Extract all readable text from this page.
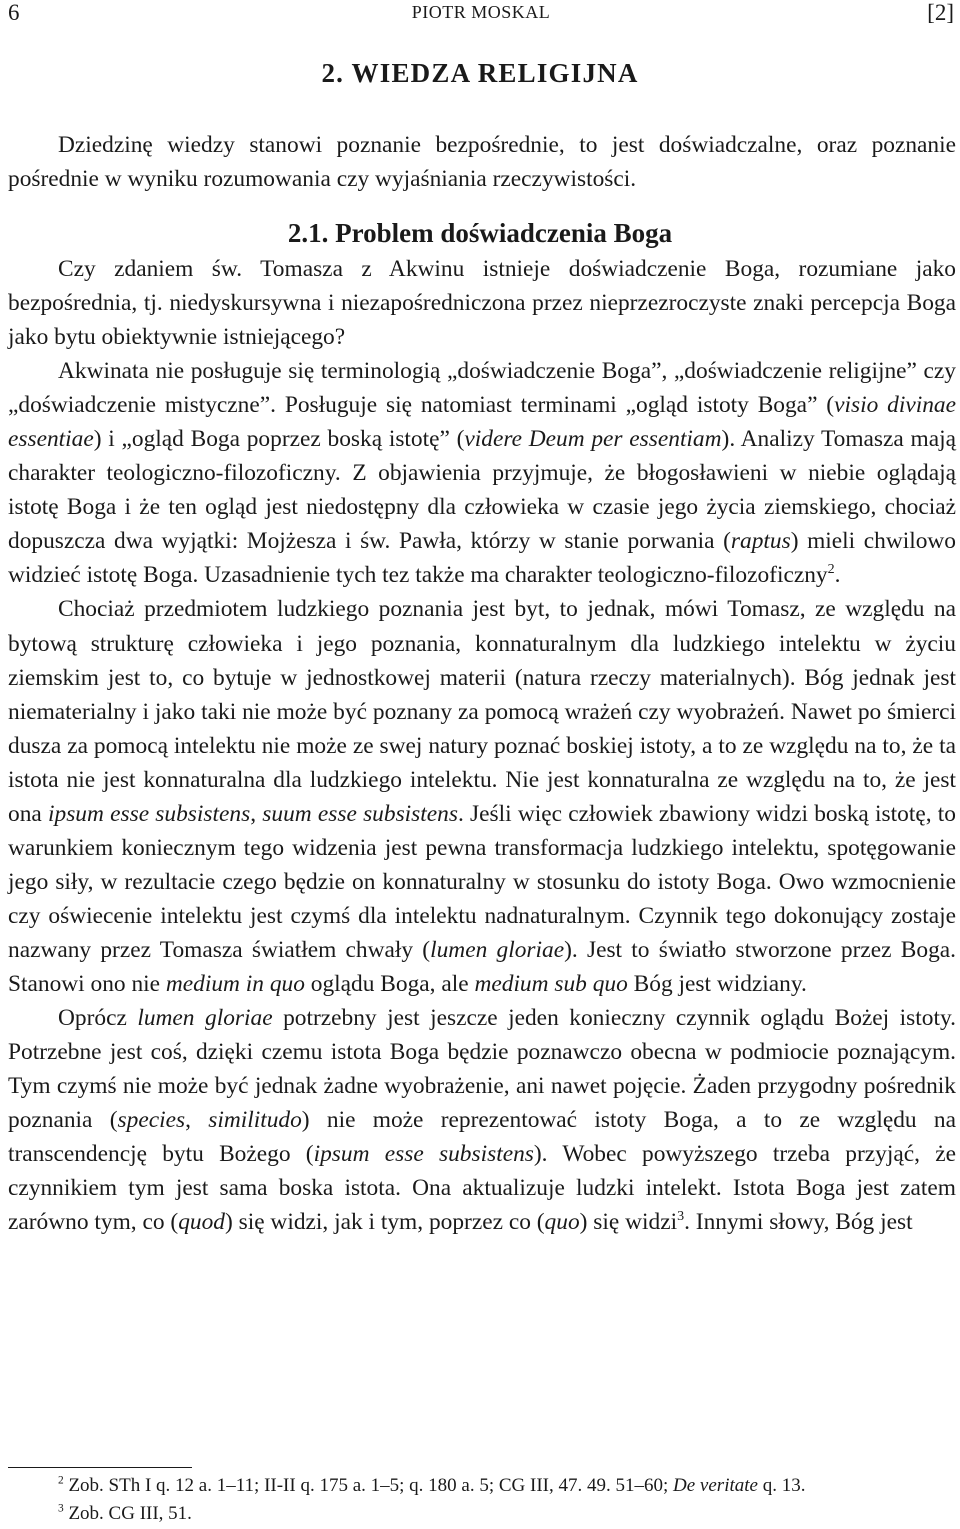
6	PIOTR MOSKAL	[2]
2. WIEDZA RELIGIJNA

Dziedzinę wiedzy stanowi poznanie bezpośrednie, to jest doświadczalne, oraz poznanie pośrednie w wyniku rozumowania czy wyjaśniania rzeczywistości.

2.1. Problem doświadczenia Boga

Czy zdaniem św. Tomasza z Akwinu istnieje doświadczenie Boga, rozumiane jako bezpośrednia, tj. niedyskursywna i niezapośredniczona przez nieprzezroczyste znaki percepcja Boga jako bytu obiektywnie istniejącego?

Akwinata nie posługuje się terminologią „doświadczenie Boga”, „doświadczenie religijne” czy „doświadczenie mistyczne”. Posługuje się natomiast terminami „ogląd istoty Boga” (visio divinae essentiae) i „ogląd Boga poprzez boską istotę” (videre Deum per essentiam). Analizy Tomasza mają charakter teologiczno-filozoficzny. Z objawienia przyjmuje, że błogosławieni w niebie oglądają istotę Boga i że ten ogląd jest niedostępny dla człowieka w czasie jego życia ziemskiego, chociaż dopuszcza dwa wyjątki: Mojżesza i św. Pawła, którzy w stanie porwania (raptus) mieli chwilowo widzieć istotę Boga. Uzasadnienie tych tez także ma charakter teologiczno-filozoficzny$^2$.

Chociaż przedmiotem ludzkiego poznania jest byt, to jednak, mówi Tomasz, ze względu na bytową strukturę człowieka i jego poznania, konnaturalnym dla ludzkiego intelektu w życiu ziemskim jest to, co bytuje w jednostkowej materii (natura rzeczy materialnych). Bóg jednak jest niematerialny i jako taki nie może być poznany za pomocą wrażeń czy wyobrażeń. Nawet po śmierci dusza za pomocą intelektu nie może ze swej natury poznać boskiej istoty, a to ze względu na to, że ta istota nie jest konnaturalna dla ludzkiego intelektu. Nie jest konnaturalna ze względu na to, że jest ona ipsum esse subsistens, suum esse subsistens. Jeśli więc człowiek zbawiony widzi boską istotę, to warunkiem koniecznym tego widzenia jest pewna transformacja ludzkiego intelektu, spotęgowanie jego siły, w rezultacie czego będzie on konnaturalny w stosunku do istoty Boga. Owo wzmocnienie czy oświecenie intelektu jest czymś dla intelektu nadnaturalnym. Czynnik tego dokonujący zostaje nazwany przez Tomasza światłem chwały (lumen gloriae). Jest to światło stworzone przez Boga. Stanowi ono nie medium in quo oglądu Boga, ale medium sub quo Bóg jest widziany.

Oprócz lumen gloriae potrzebny jest jeszcze jeden konieczny czynnik oglądu Bożej istoty. Potrzebne jest coś, dzięki czemu istota Boga będzie poznawczo obecna w podmiocie poznającym. Tym czymś nie może być jednak żadne wyobrażenie, ani nawet pojęcie. Żaden przygodny pośrednik poznania (species, similitudo) nie może reprezentować istoty Boga, a to ze względu na transcendencję bytu Bożego (ipsum esse subsistens). Wobec powyższego trzeba przyjąć, że czynnikiem tym jest sama boska istota. Ona aktualizuje ludzki intelekt. Istota Boga jest zatem zarówno tym, co (quod) się widzi, jak i tym, poprzez co (quo) się widzi$^3$. Innymi słowy, Bóg jest

$^2$ Zob. STh I q. 12 a. 1–11; II-II q. 175 a. 1–5; q. 180 a. 5; CG III, 47. 49. 51–60; De veritate q. 13.

$^3$ Zob. CG III, 51.
